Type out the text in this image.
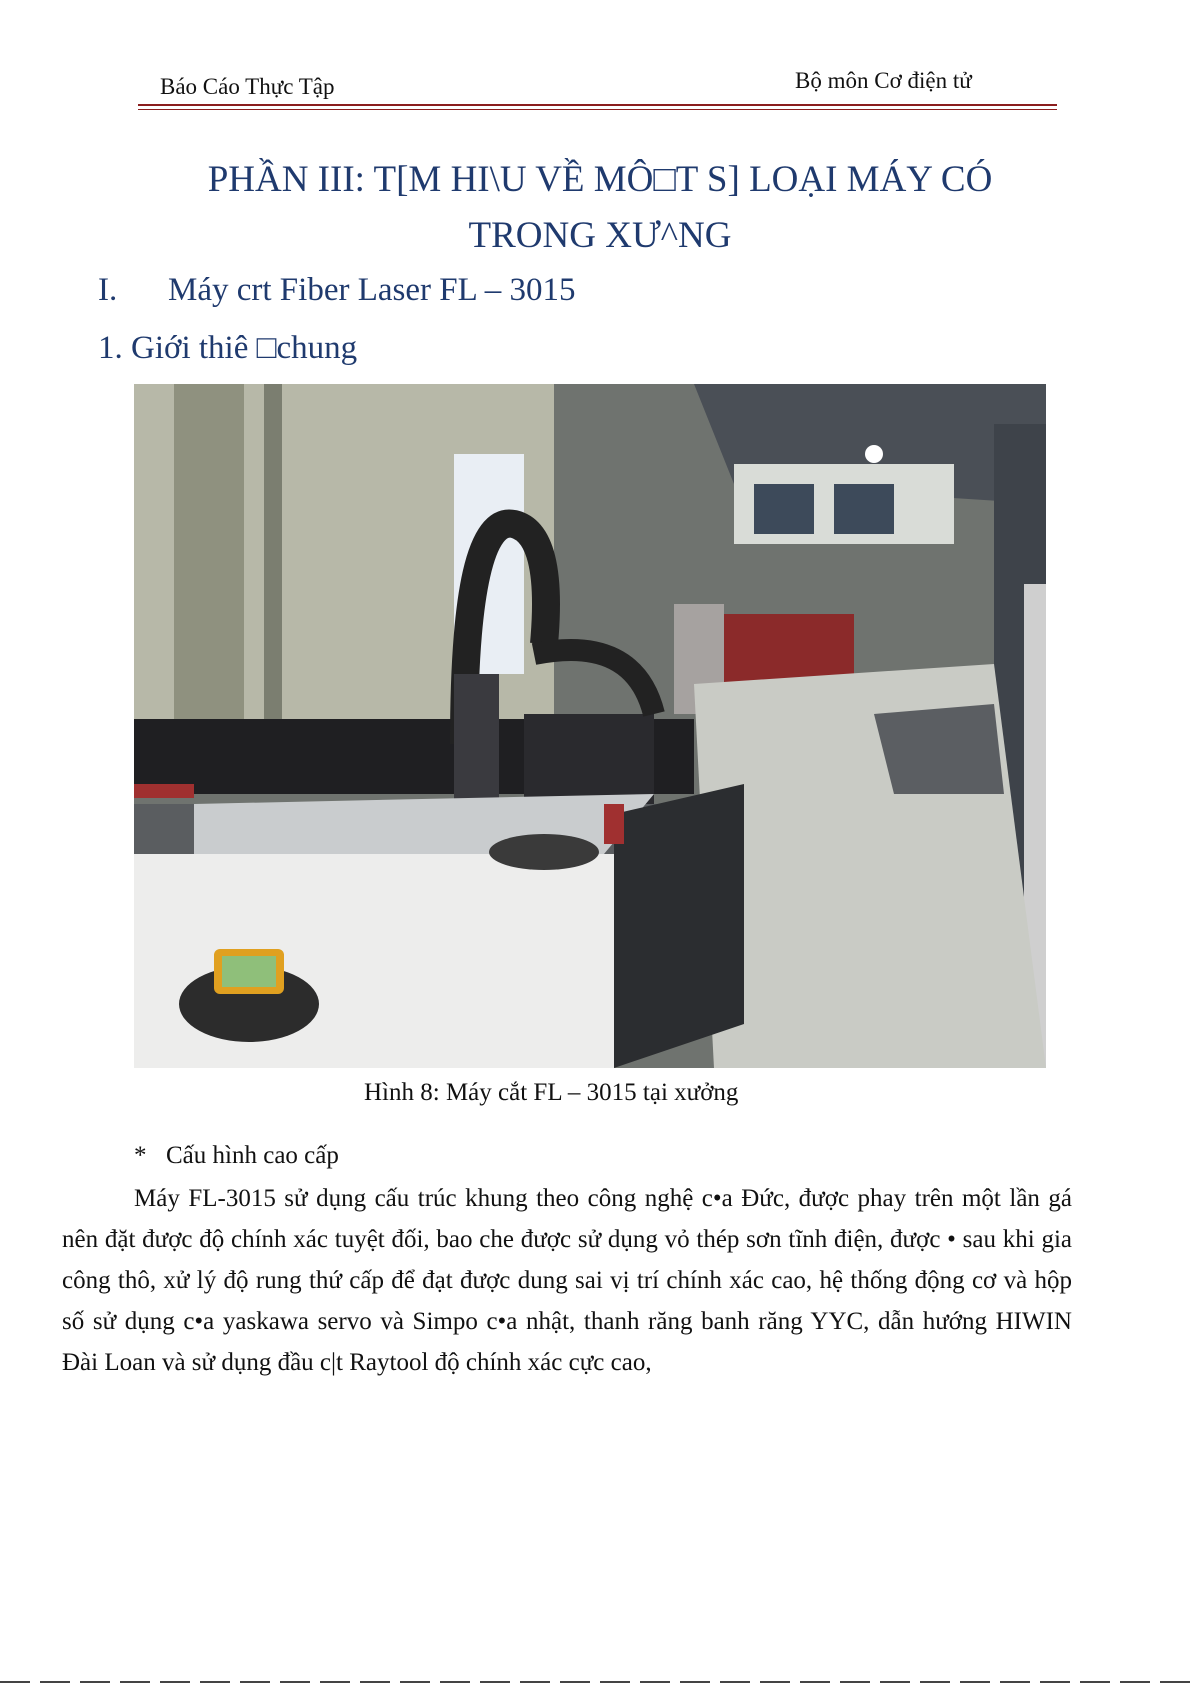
Báo Cáo Thực Tập	Bộ môn Cơ điện tử
PHẦN III: T[M HI\U VỀ MÔ□T S] LOẠI MÁY CÓ
TRONG XƯ^NG
I. Máy crt Fiber Laser FL – 3015
1. Giới thiê □chung
Hình 8: Máy cắt FL – 3015 tại xưởng
* Cấu hình cao cấp
Máy FL-3015 sử dụng cấu trúc khung theo công nghệ c•a Đức, được phay trên một lần gá nên đặt được độ chính xác tuyệt đối, bao che được sử dụng vỏ thép sơn tĩnh điện, được • sau khi gia công thô, xử lý độ rung thứ cấp để đạt được dung sai vị trí chính xác cao, hệ thống động cơ và hộp số sử dụng c•a yaskawa servo và Simpo c•a nhật, thanh răng banh răng YYC, dẫn hướng HIWIN Đài Loan và sử dụng đầu c|t Raytool độ chính xác cực cao,
